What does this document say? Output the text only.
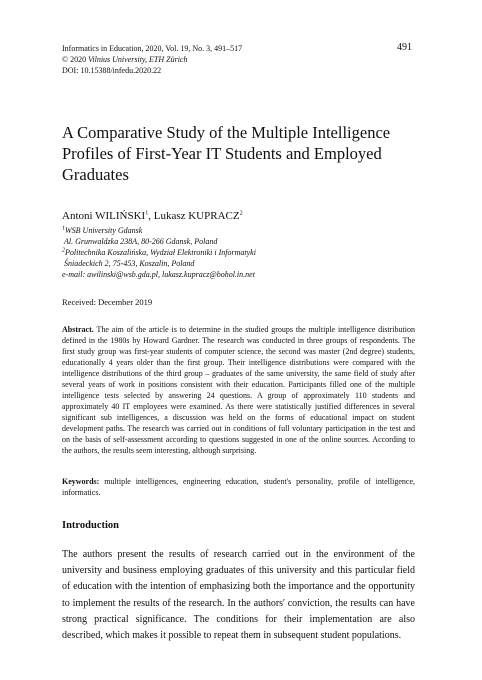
Informatics in Education, 2020, Vol. 19, No. 3, 491–517
© 2020 Vilnius University, ETH Zürich
DOI: 10.15388/infedu.2020.22
491
A Comparative Study of the Multiple Intelligence Profiles of First-Year IT Students and Employed Graduates
Antoni WILIŃSKI$^1$, Lukasz KUPRACZ$^2$
$^1$WSB University Gdansk
Al. Grunwaldzka 238A, 80-266 Gdansk, Poland
$^2$Politechnika Koszalińska, Wydział Elektroniki i Informatyki
Śniadeckich 2, 75-453, Koszalin, Poland
e-mail: awilinski@wsb.gda.pl, lukasz.kupracz@bohol.in.net
Received: December 2019
Abstract. The aim of the article is to determine in the studied groups the multiple intelligence distribution defined in the 1980s by Howard Gardner. The research was conducted in three groups of respondents. The first study group was first-year students of computer science, the second was master (2nd degree) students, educationally 4 years older than the first group. Their intelligence distributions were compared with the intelligence distributions of the third group – graduates of the same university, the same field of study after several years of work in positions consistent with their education. Participants filled one of the multiple intelligence tests selected by answering 24 questions. A group of approximately 110 students and approximately 40 IT employees were examined. As there were statistically justified differences in several significant sub intelligences, a discussion was held on the forms of educational impact on student development paths. The research was carried out in conditions of full voluntary participation in the test and on the basis of self-assessment according to questions suggested in one of the online sources. According to the authors, the results seem interesting, although surprising.
Keywords: multiple intelligences, engineering education, student's personality, profile of intelligence, informatics.
Introduction
The authors present the results of research carried out in the environment of the university and business employing graduates of this university and this particular field of education with the intention of emphasizing both the importance and the opportunity to implement the results of the research. In the authors' conviction, the results can have strong practical significance. The conditions for their implementation are also described, which makes it possible to repeat them in subsequent student populations.
